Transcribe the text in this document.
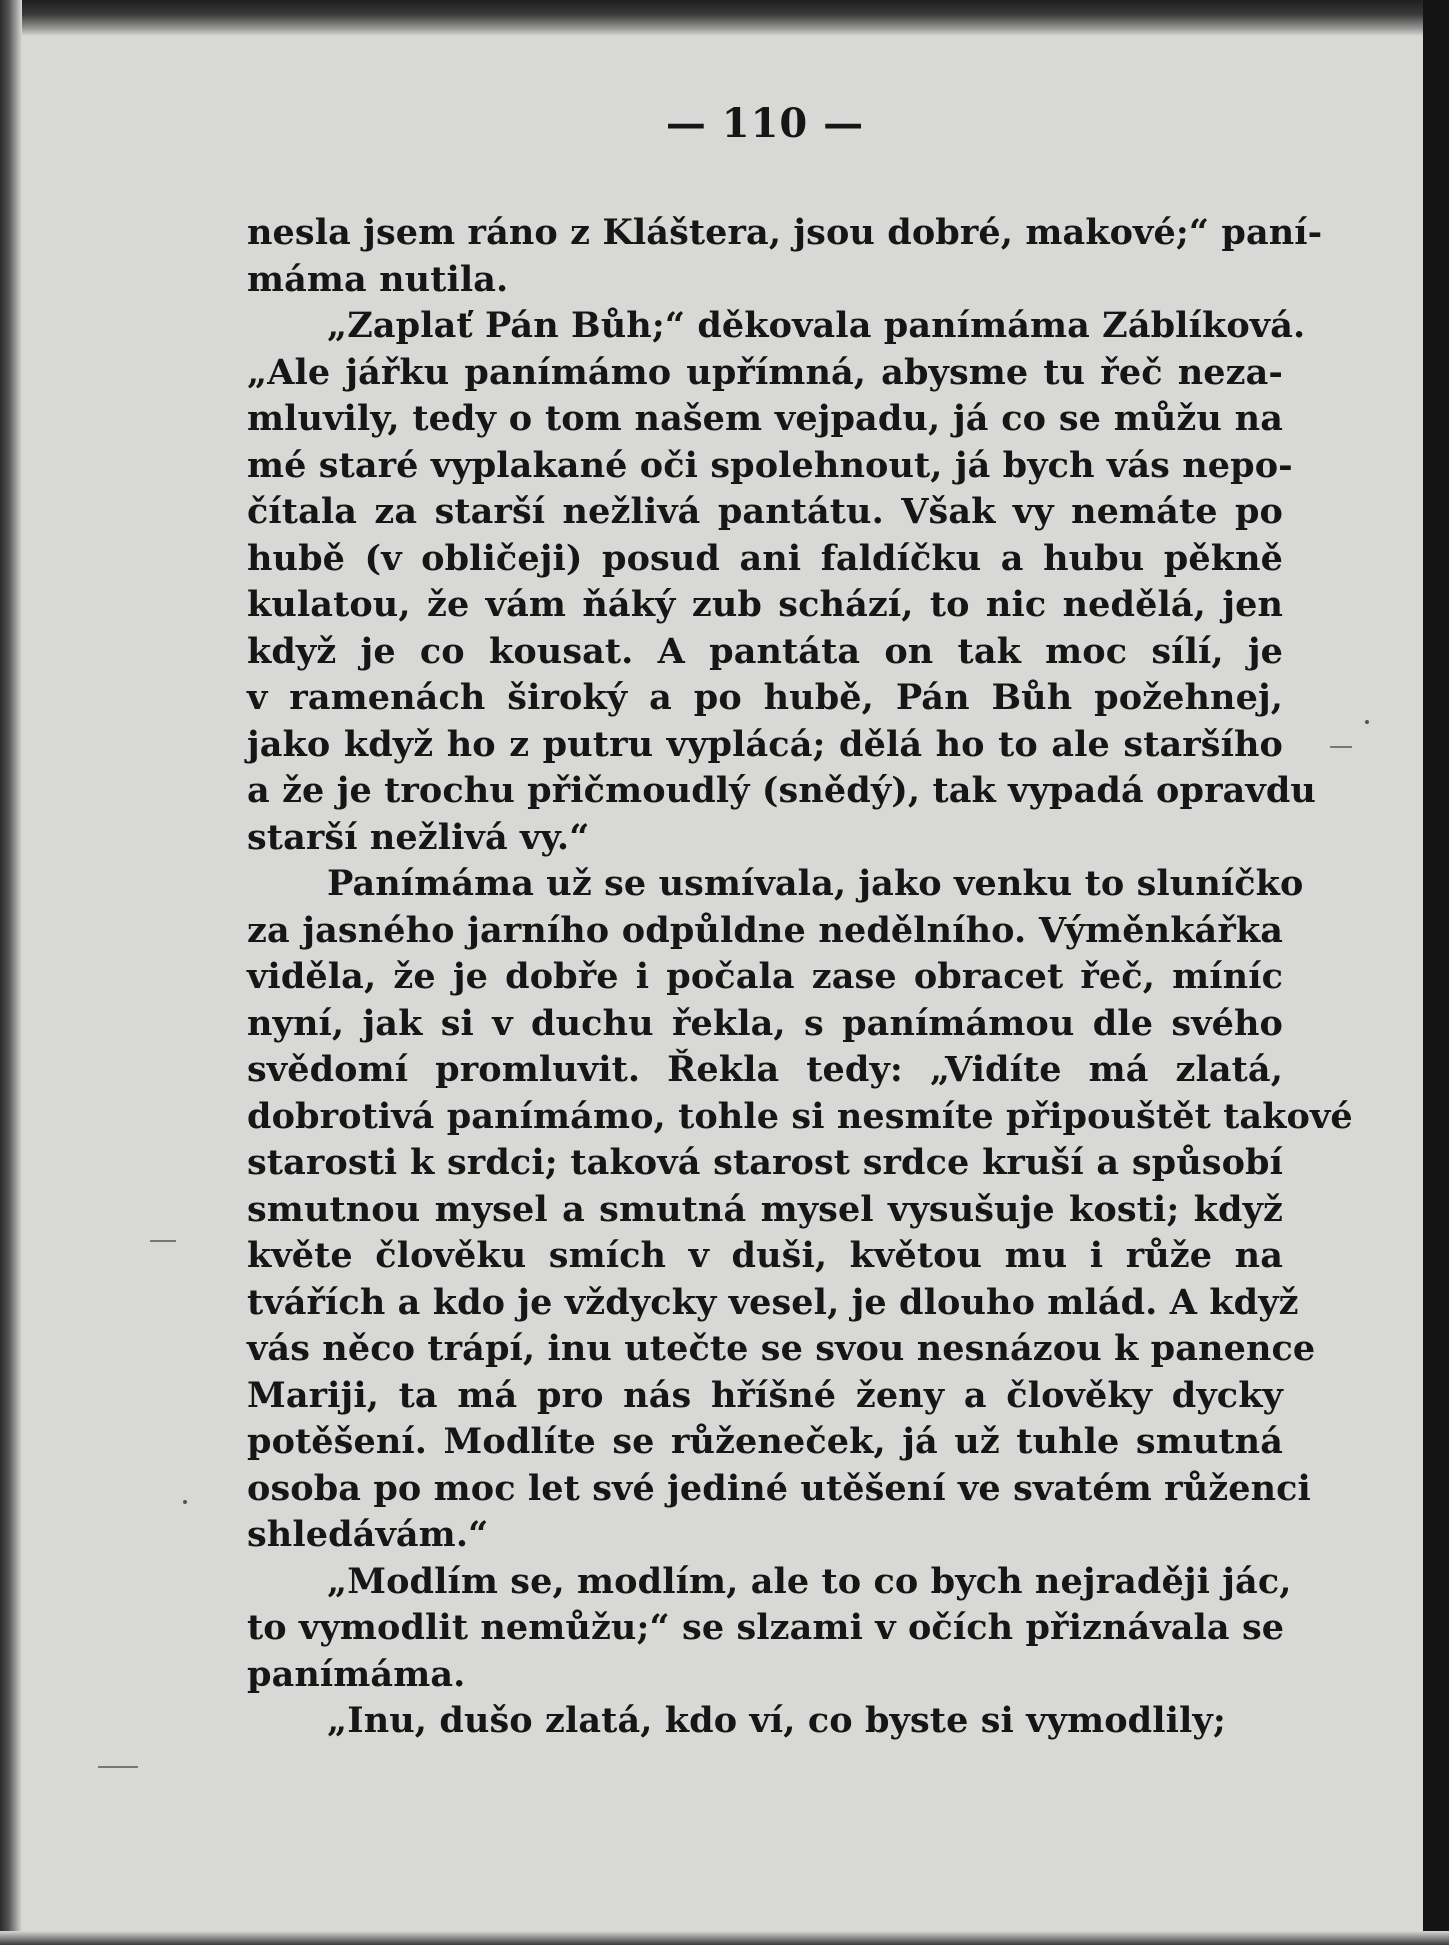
— 110 —
nesla jsem ráno z Kláštera, jsou dobré, makové;“ paní-
máma nutila.
„Zaplať Pán Bůh;“ děkovala panímáma Záblíková.
„Ale jářku panímámo upřímná, abysme tu řeč neza-
mluvily, tedy o tom našem vejpadu, já co se můžu na
mé staré vyplakané oči spolehnout, já bych vás nepo-
čítala za starší nežlivá pantátu. Však vy nemáte po
hubě (v obličeji) posud ani faldíčku a hubu pěkně
kulatou, že vám ňáký zub schází, to nic nedělá, jen
když je co kousat. A pantáta on tak moc sílí, je
v ramenách široký a po hubě, Pán Bůh požehnej,
jako když ho z putru vyplácá; dělá ho to ale staršího
a že je trochu přičmoudlý (snědý), tak vypadá opravdu
starší nežlivá vy.“
Panímáma už se usmívala, jako venku to sluníčko
za jasného jarního odpůldne nedělního. Výměnkářka
viděla, že je dobře i počala zase obracet řeč, míníc
nyní, jak si v duchu řekla, s panímámou dle svého
svědomí promluvit. Řekla tedy: „Vidíte má zlatá,
dobrotivá panímámo, tohle si nesmíte připouštět takové
starosti k srdci; taková starost srdce kruší a spůsobí
smutnou mysel a smutná mysel vysušuje kosti; když
květe člověku smích v duši, květou mu i růže na
tvářích a kdo je vždycky vesel, je dlouho mlád. A když
vás něco trápí, inu utečte se svou nesnázou k panence
Mariji, ta má pro nás hříšné ženy a člověky dycky
potěšení. Modlíte se růženeček, já už tuhle smutná
osoba po moc let své jediné utěšení ve svatém růženci
shledávám.“
„Modlím se, modlím, ale to co bych nejraději jác,
to vymodlit nemůžu;“ se slzami v očích přiznávala se
panímáma.
„Inu, dušo zlatá, kdo ví, co byste si vymodlily;
